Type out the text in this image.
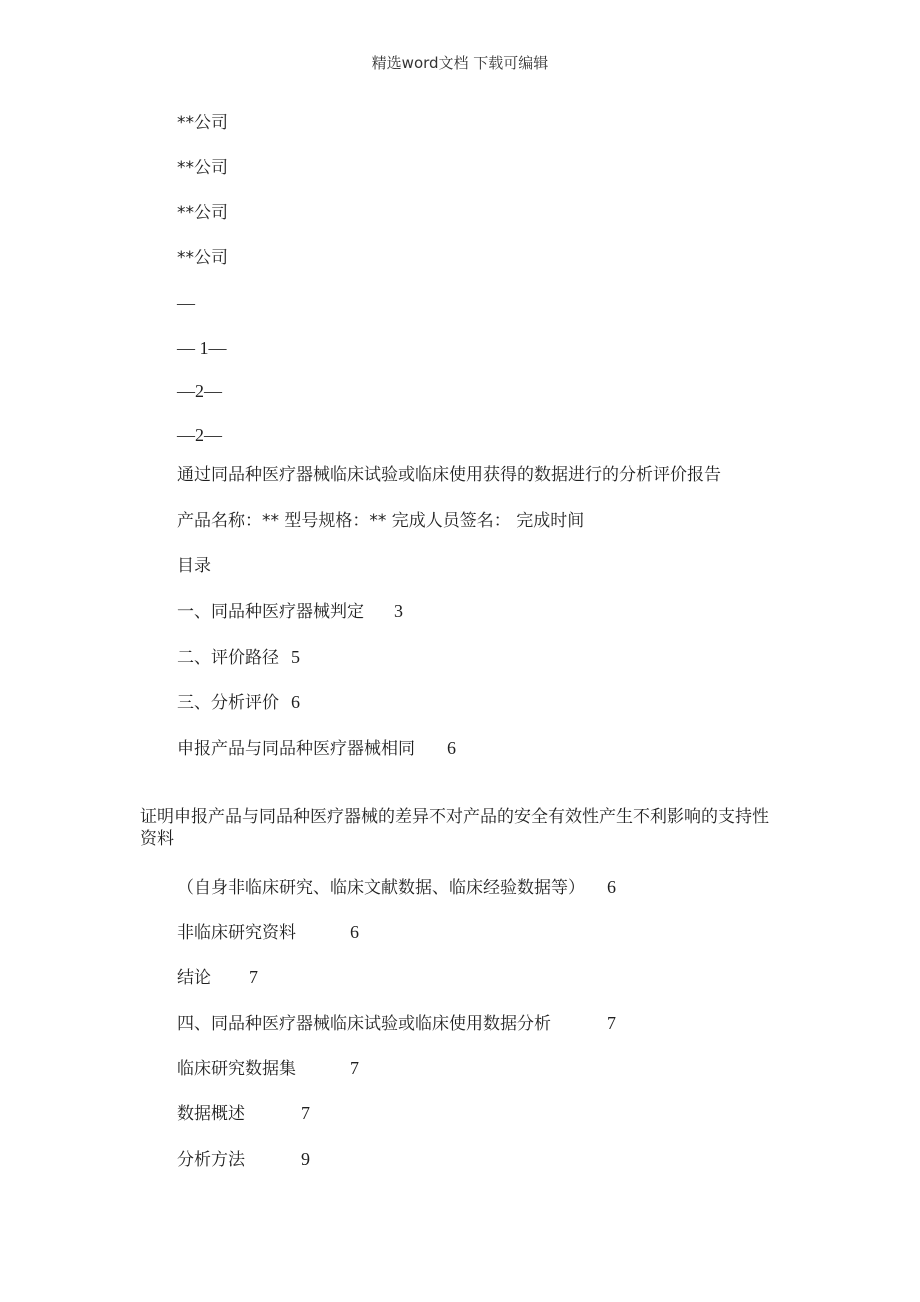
精选word文档 下载可编辑
**公司
**公司
**公司
**公司
—
— 1—
—2—
—2—
通过同品种医疗器械临床试验或临床使用获得的数据进行的分析评价报告
产品名称：** 型号规格：** 完成人员签名： 完成时间
目录
一、同品种医疗器械判定 3
二、评价路径 5
三、分析评价 6
申报产品与同品种医疗器械相同 6
证明申报产品与同品种医疗器械的差异不对产品的安全有效性产生不利影响的支持性资料
（自身非临床研究、临床文献数据、临床经验数据等） 6
非临床研究资料	6
结论 7
四、同品种医疗器械临床试验或临床使用数据分析	7
临床研究数据集	7
数据概述	7
分析方法	9
